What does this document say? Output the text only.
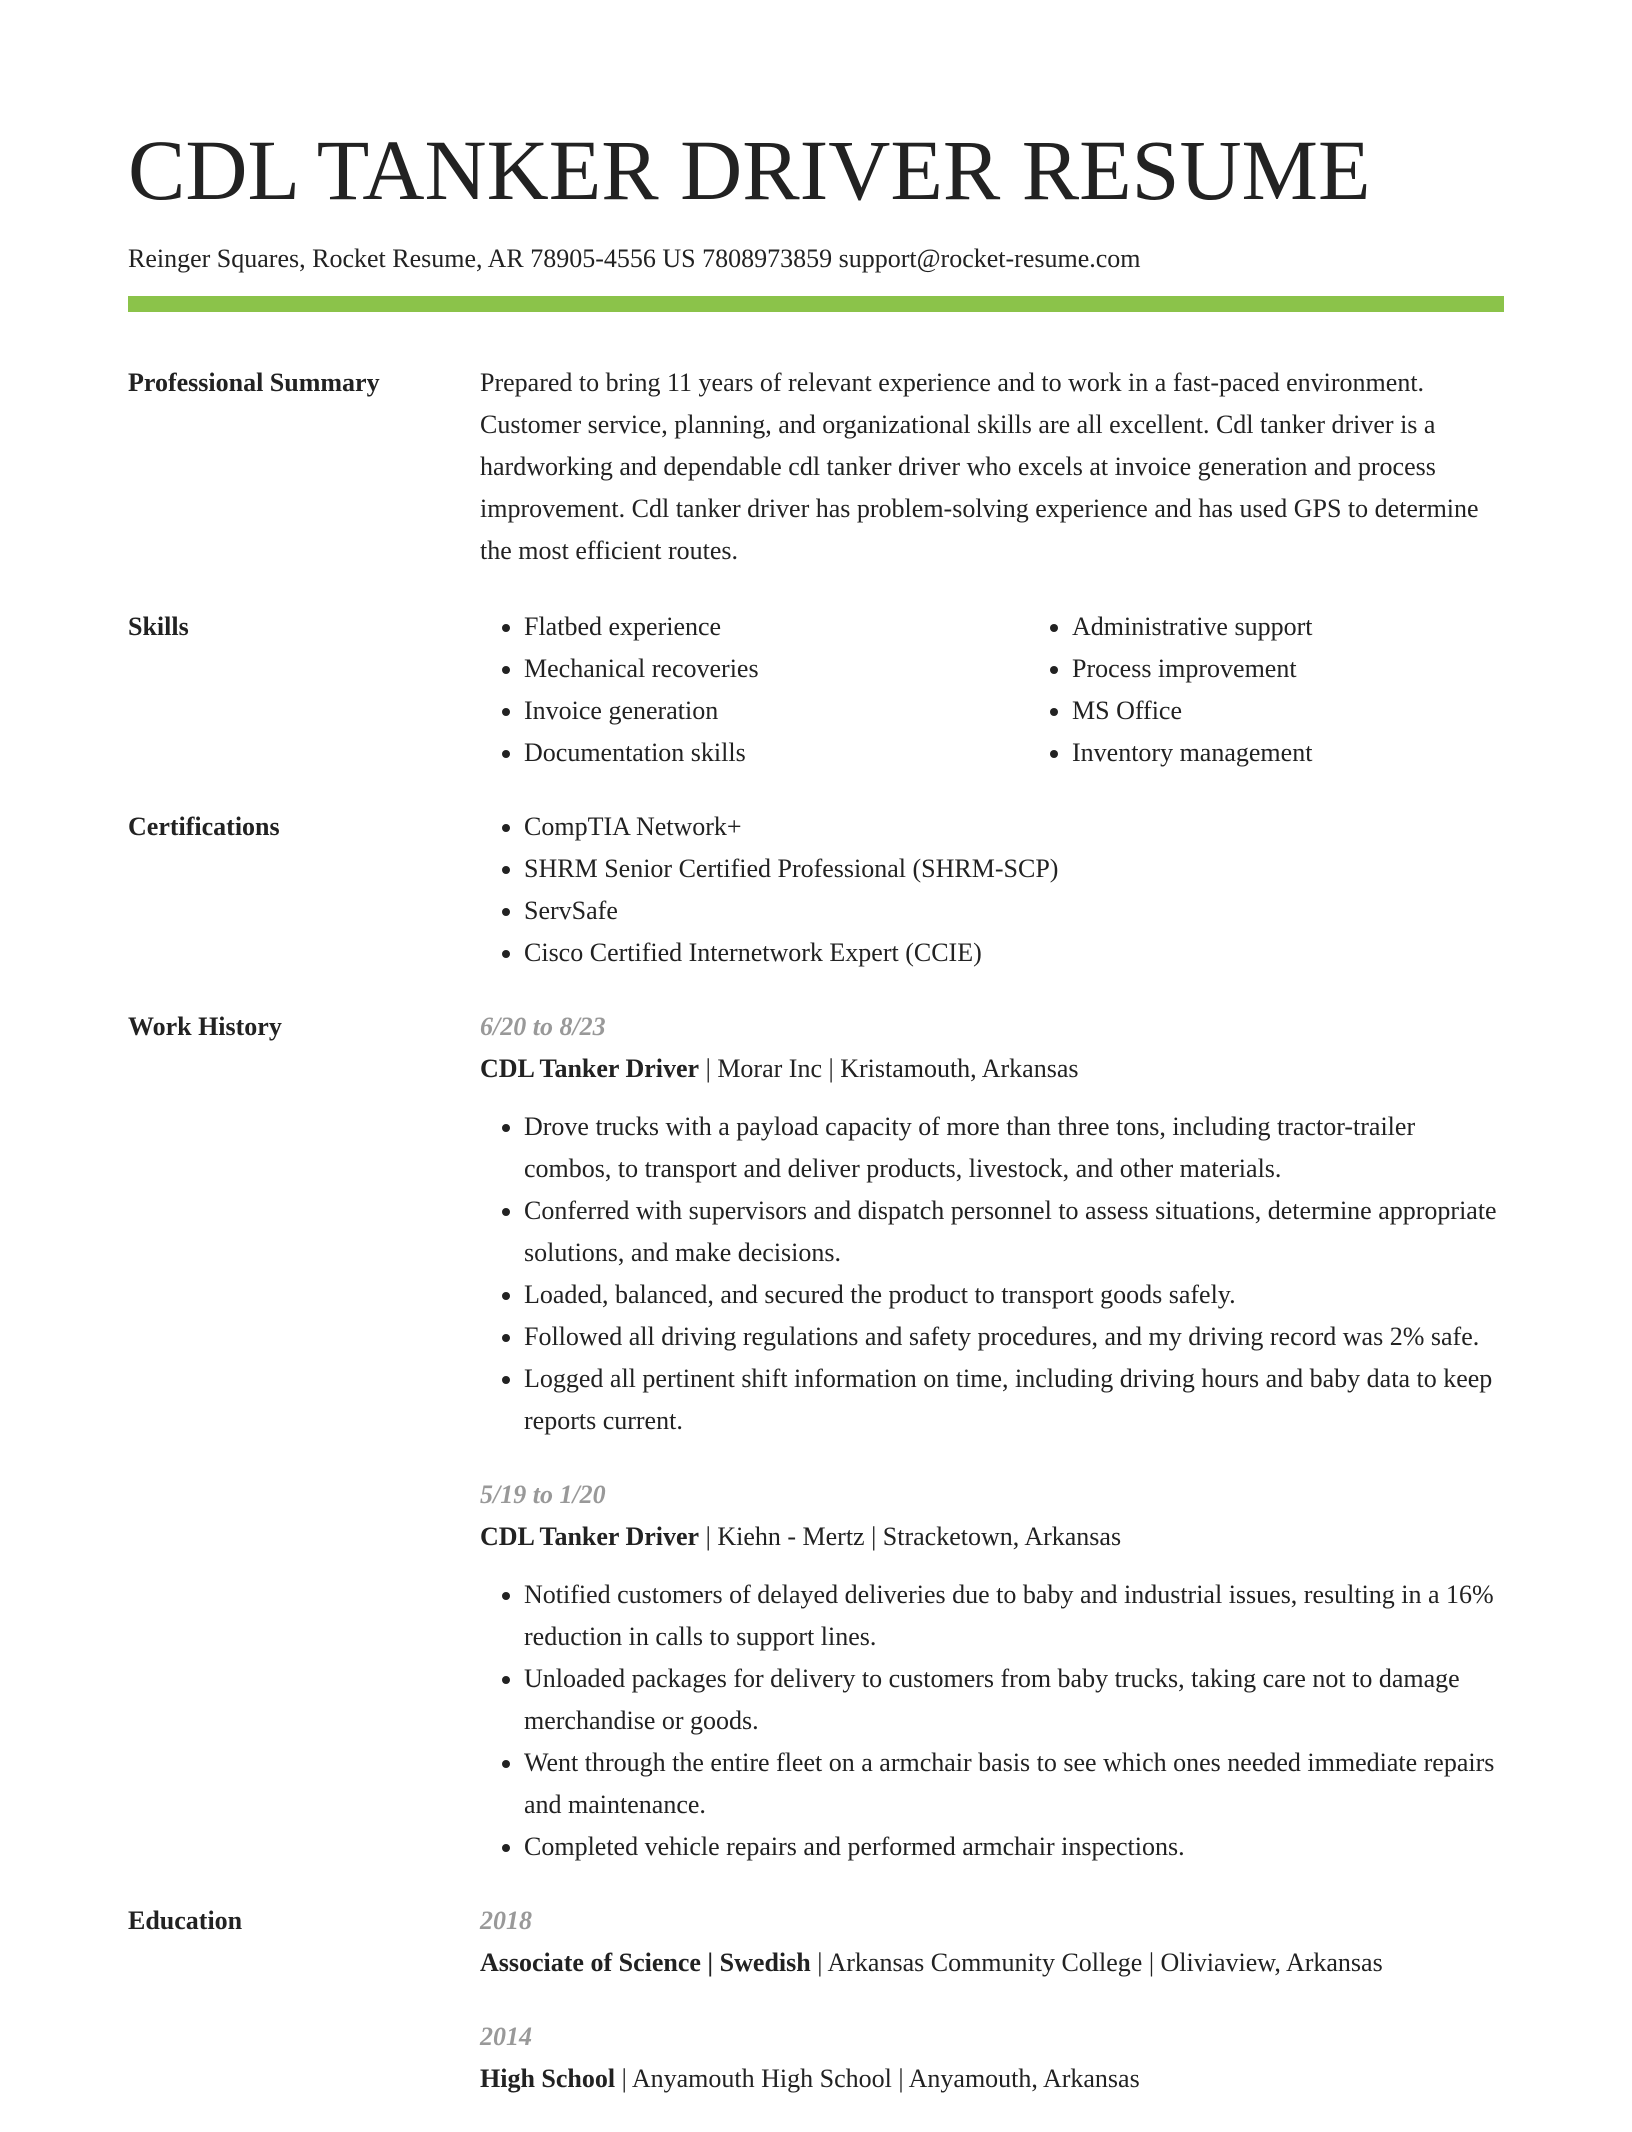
CDL TANKER DRIVER RESUME
Reinger Squares, Rocket Resume, AR 78905-4556 US 7808973859 support@rocket-resume.com
Professional Summary	Prepared to bring 11 years of relevant experience and to work in a fast-paced environment. Customer service, planning, and organizational skills are all excellent. Cdl tanker driver is a hardworking and dependable cdl tanker driver who excels at invoice generation and process improvement. Cdl tanker driver has problem-solving experience and has used GPS to determine the most efficient routes.

Skills	• Flatbed experience
• Mechanical recoveries
• Invoice generation
• Documentation skills
• Administrative support
• Process improvement
• MS Office
• Inventory management
Certifications	• CompTIA Network+
• SHRM Senior Certified Professional (SHRM-SCP)
• ServSafe
• Cisco Certified Internetwork Expert (CCIE)
Work History	6/20 to 8/23
CDL Tanker Driver | Morar Inc | Kristamouth, Arkansas
• Drove trucks with a payload capacity of more than three tons, including tractor-trailer combos, to transport and deliver products, livestock, and other materials.
• Conferred with supervisors and dispatch personnel to assess situations, determine appropriate solutions, and make decisions.
• Loaded, balanced, and secured the product to transport goods safely.
• Followed all driving regulations and safety procedures, and my driving record was 2% safe.
• Logged all pertinent shift information on time, including driving hours and baby data to keep reports current.
5/19 to 1/20
CDL Tanker Driver | Kiehn - Mertz | Stracketown, Arkansas
• Notified customers of delayed deliveries due to baby and industrial issues, resulting in a 16% reduction in calls to support lines.
• Unloaded packages for delivery to customers from baby trucks, taking care not to damage merchandise or goods.
• Went through the entire fleet on a armchair basis to see which ones needed immediate repairs and maintenance.
• Completed vehicle repairs and performed armchair inspections.
Education	2018
Associate of Science | Swedish | Arkansas Community College | Oliviaview, Arkansas
2014
High School | Anyamouth High School | Anyamouth, Arkansas
